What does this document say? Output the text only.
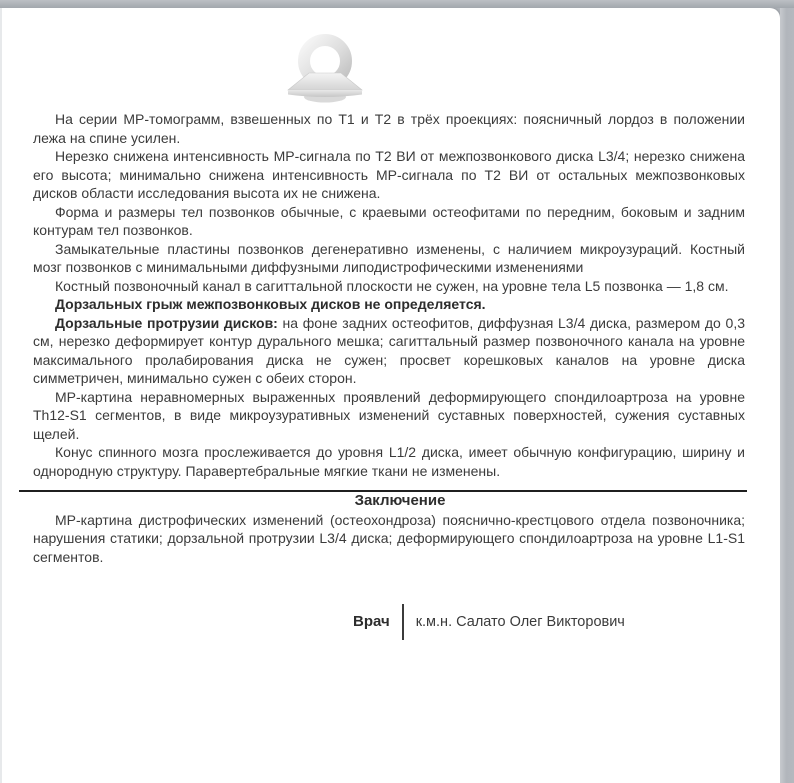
На серии МР-томограмм, взвешенных по Т1 и Т2 в трёх проекциях: поясничный лордоз в положении лежа на спине усилен.

Нерезко снижена интенсивность МР-сигнала по Т2 ВИ от межпозвонкового диска L3/4; нерезко снижена его высота; минимально снижена интенсивность МР-сигнала по Т2 ВИ от остальных межпозвонковых дисков области исследования высота их не снижена.

Форма и размеры тел позвонков обычные, с краевыми остеофитами по передним, боковым и задним контурам тел позвонков.

Замыкательные пластины позвонков дегенеративно изменены, с наличием микроузураций. Костный мозг позвонков с минимальными диффузными липодистрофическими изменениями

Костный позвоночный канал в сагиттальной плоскости не сужен, на уровне тела L5 позвонка — 1,8 см.

Дорзальных грыж межпозвонковых дисков не определяется.

Дорзальные протрузии дисков: на фоне задних остеофитов, диффузная L3/4 диска, размером до 0,3 см, нерезко деформирует контур дурального мешка; сагиттальный размер позвоночного канала на уровне максимального пролабирования диска не сужен; просвет корешковых каналов на уровне диска симметричен, минимально сужен с обеих сторон.

МР-картина неравномерных выраженных проявлений деформирующего спондилоартроза на уровне Th12-S1 сегментов, в виде микроузуративных изменений суставных поверхностей, сужения суставных щелей.

Конус спинного мозга прослеживается до уровня L1/2 диска, имеет обычную конфигурацию, ширину и однородную структуру. Паравертебральные мягкие ткани не изменены.

Заключение

МР-картина дистрофических изменений (остеохондроза) пояснично-крестцового отдела позвоночника; нарушения статики; дорзальной протрузии L3/4 диска; деформирующего спондилоартроза на уровне L1-S1 сегментов.

Врач	к.м.н. Салато Олег Викторович
